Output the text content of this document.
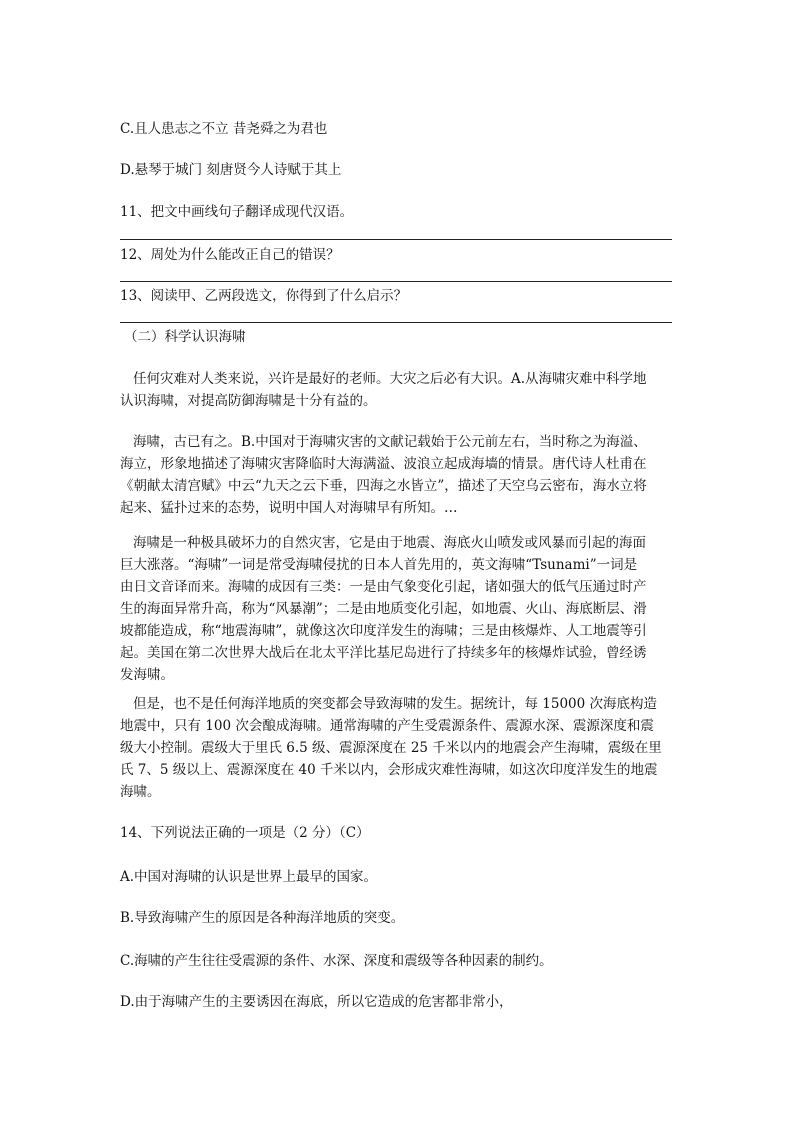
C.且人患志之不立 昔尧舜之为君也
D.悬琴于城门 刻唐贤今人诗赋于其上
11、把文中画线句子翻译成现代汉语。
12、周处为什么能改正自己的错误？
13、阅读甲、乙两段选文，你得到了什么启示？
（二）科学认识海啸
任何灾难对人类来说，兴许是最好的老师。大灾之后必有大识。A.从海啸灾难中科学地
认识海啸，对提高防御海啸是十分有益的。
海啸，古已有之。B.中国对于海啸灾害的文献记载始于公元前左右，当时称之为海溢、
海立，形象地描述了海啸灾害降临时大海满溢、波浪立起成海墙的情景。唐代诗人杜甫在
《朝献太清宫赋》中云“九天之云下垂，四海之水皆立”，描述了天空乌云密布，海水立将
起来、猛扑过来的态势，说明中国人对海啸早有所知。…
海啸是一种极具破坏力的自然灾害，它是由于地震、海底火山喷发或风暴而引起的海面
巨大涨落。“海啸”一词是常受海啸侵扰的日本人首先用的，英文海啸“Tsunami”一词是
由日文音译而来。海啸的成因有三类：一是由气象变化引起，诸如强大的低气压通过时产
生的海面异常升高，称为“风暴潮”；二是由地质变化引起，如地震、火山、海底断层、滑
坡都能造成，称“地震海啸”，就像这次印度洋发生的海啸；三是由核爆炸、人工地震等引
起。美国在第二次世界大战后在北太平洋比基尼岛进行了持续多年的核爆炸试验，曾经诱
发海啸。
但是，也不是任何海洋地质的突变都会导致海啸的发生。据统计，每 15000 次海底构造
地震中，只有 100 次会酿成海啸。通常海啸的产生受震源条件、震源水深、震源深度和震
级大小控制。震级大于里氏 6.5 级、震源深度在 25 千米以内的地震会产生海啸，震级在里
氏 7、5 级以上、震源深度在 40 千米以内，会形成灾难性海啸，如这次印度洋发生的地震
海啸。
14、下列说法正确的一项是（2 分）（C）
A.中国对海啸的认识是世界上最早的国家。
B.导致海啸产生的原因是各种海洋地质的突变。
C.海啸的产生往往受震源的条件、水深、深度和震级等各种因素的制约。
D.由于海啸产生的主要诱因在海底，所以它造成的危害都非常小，
